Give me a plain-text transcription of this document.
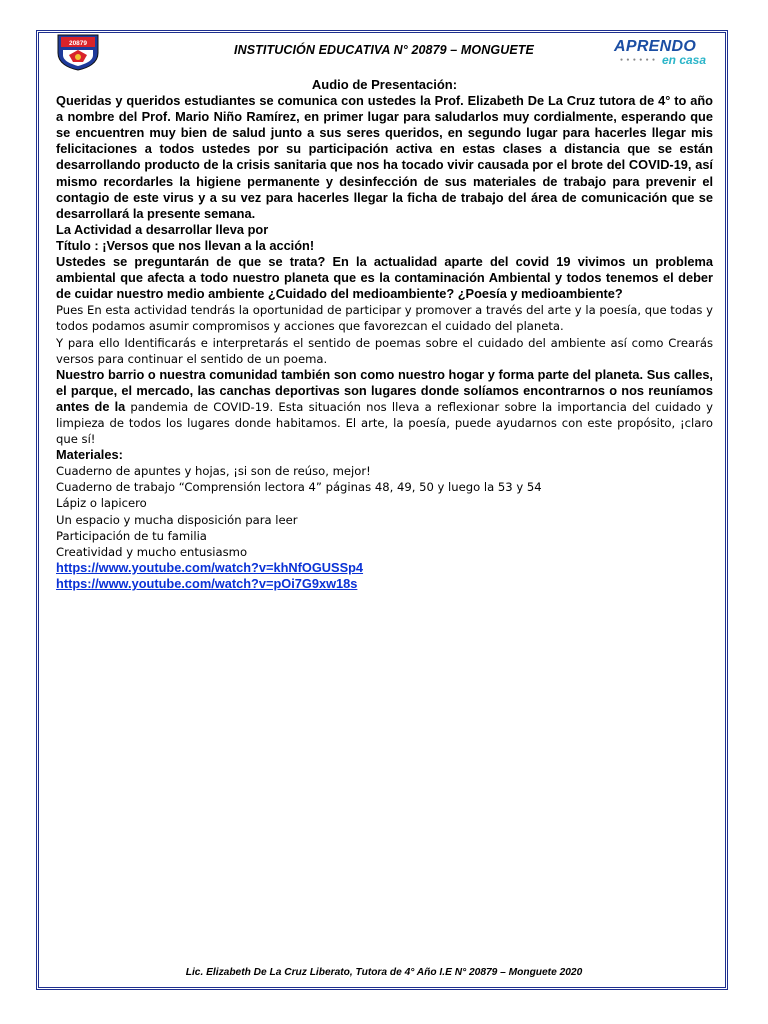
20879	INSTITUCIÓN EDUCATIVA N° 20879 – MONGUETE	APRENDO
● ● ● ● ● ● en casa

Audio de Presentación:

Queridas y queridos estudiantes se comunica con ustedes la Prof. Elizabeth De La Cruz tutora de 4° to año a nombre del Prof. Mario Niño Ramírez, en primer lugar para saludarlos muy cordialmente, esperando que se encuentren muy bien de salud junto a sus seres queridos, en segundo lugar para hacerles llegar mis felicitaciones a todos ustedes por su participación activa en estas clases a distancia que se están desarrollando producto de la crisis sanitaria que nos ha tocado vivir causada por el brote del COVID-19, así mismo recordarles la higiene permanente y desinfección de sus materiales de trabajo para prevenir el contagio de este virus y a su vez para hacerles llegar la ficha de trabajo del área de comunicación que se desarrollará la presente semana.

La Actividad a desarrollar lleva por

Título : ¡Versos que nos llevan a la acción!

Ustedes se preguntarán de que se trata? En la actualidad aparte del covid 19 vivimos un problema ambiental que afecta a todo nuestro planeta que es la contaminación Ambiental y todos tenemos el deber de cuidar nuestro medio ambiente ¿Cuidado del medioambiente? ¿Poesía y medioambiente?

Pues En esta actividad tendrás la oportunidad de participar y promover a través del arte y la poesía, que todas y todos podamos asumir compromisos y acciones que favorezcan el cuidado del planeta.

Y para ello Identificarás e interpretarás el sentido de poemas sobre el cuidado del ambiente así como Crearás versos para continuar el sentido de un poema.

Nuestro barrio o nuestra comunidad también son como nuestro hogar y forma parte del planeta. Sus calles, el parque, el mercado, las canchas deportivas son lugares donde solíamos encontrarnos o nos reuníamos antes de la pandemia de COVID-19. Esta situación nos lleva a reflexionar sobre la importancia del cuidado y limpieza de todos los lugares donde habitamos. El arte, la poesía, puede ayudarnos con este propósito, ¡claro que sí!

Materiales:

Cuaderno de apuntes y hojas, ¡si son de reúso, mejor!

Cuaderno de trabajo “Comprensión lectora 4” páginas 48, 49, 50 y luego la 53 y 54

Lápiz o lapicero

Un espacio y mucha disposición para leer

Participación de tu familia

Creatividad y mucho entusiasmo

https://www.youtube.com/watch?v=khNfOGUSSp4

https://www.youtube.com/watch?v=pOi7G9xw18s

Lic. Elizabeth De La Cruz Liberato, Tutora de 4° Año I.E N° 20879 – Monguete 2020
